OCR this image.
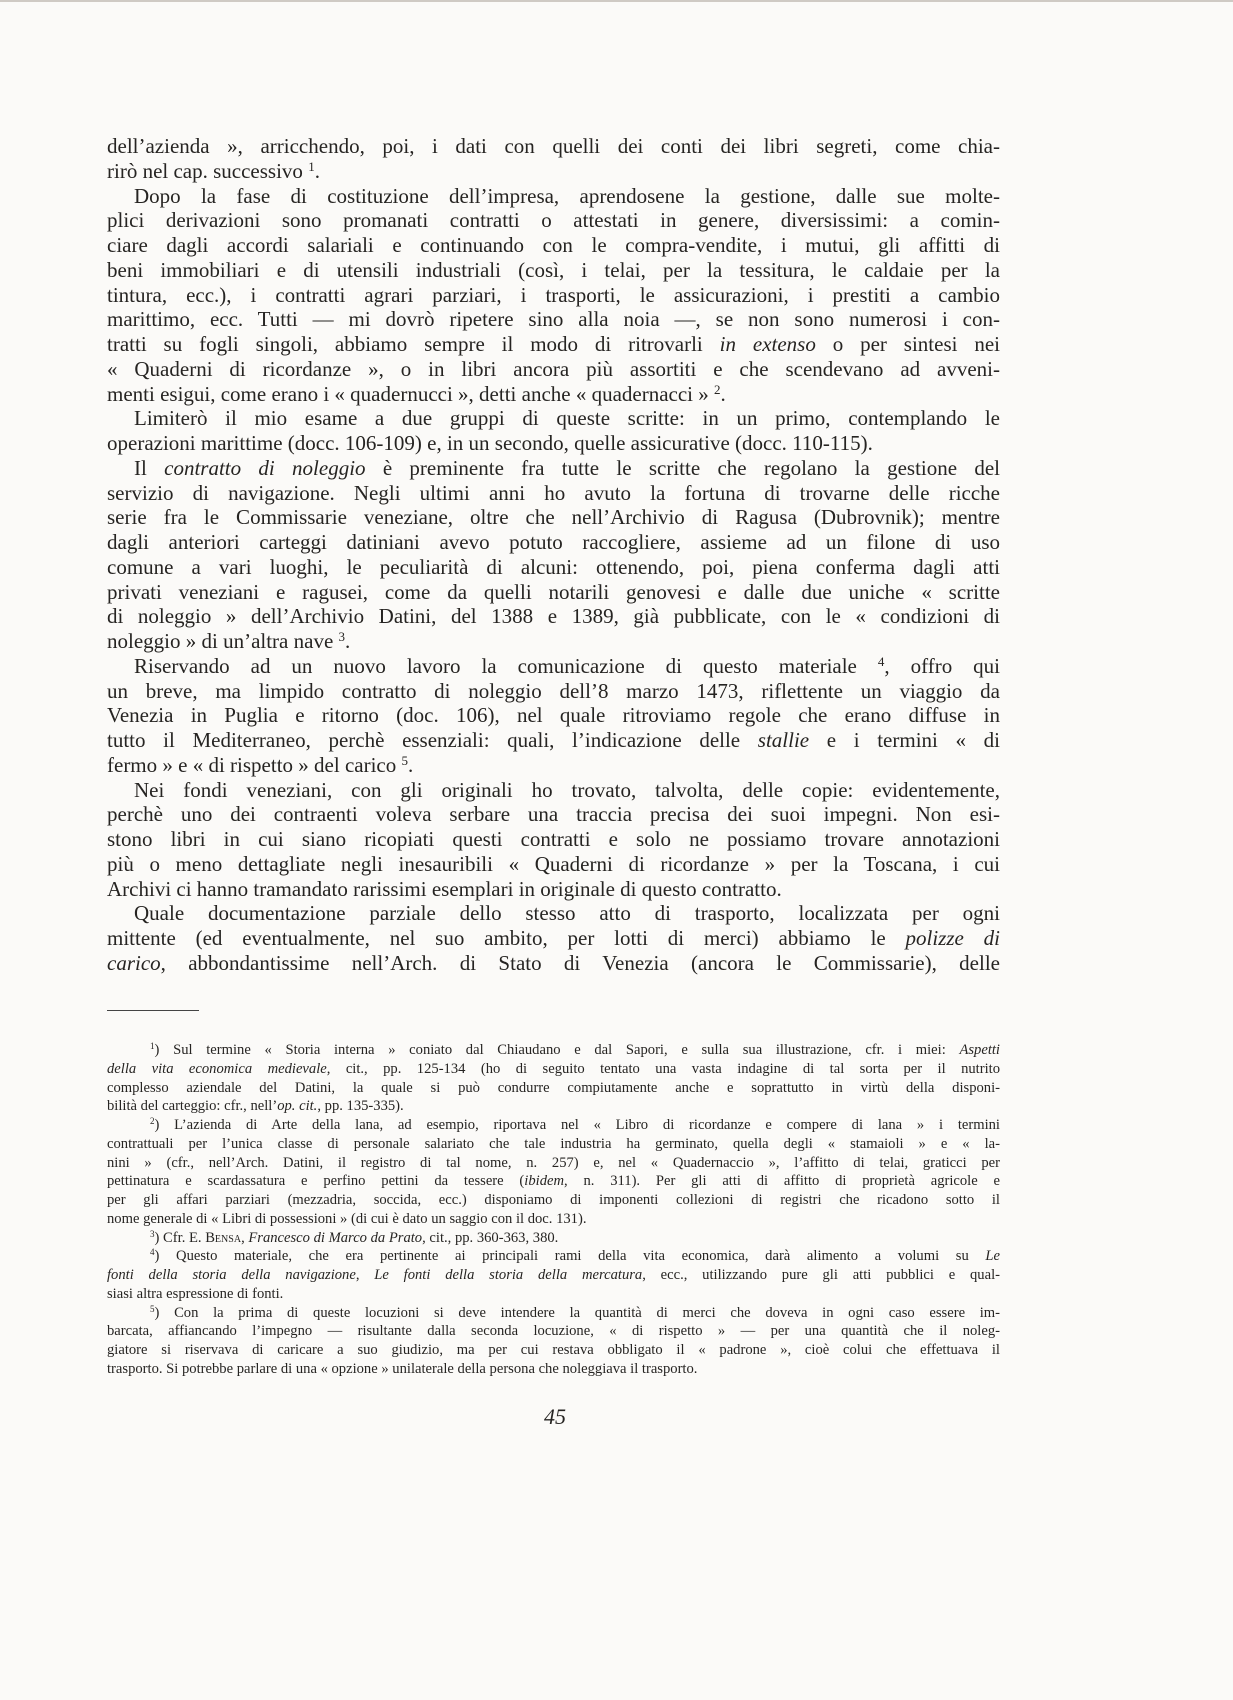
dell’azienda », arricchendo, poi, i dati con quelli dei conti dei libri segreti, come chia-
rirò nel cap. successivo $^1$.
Dopo la fase di costituzione dell’impresa, aprendosene la gestione, dalle sue molte-
plici derivazioni sono promanati contratti o attestati in genere, diversissimi: a comin-
ciare dagli accordi salariali e continuando con le compra-vendite, i mutui, gli affitti di
beni immobiliari e di utensili industriali (così, i telai, per la tessitura, le caldaie per la
tintura, ecc.), i contratti agrari parziari, i trasporti, le assicurazioni, i prestiti a cambio
marittimo, ecc. Tutti — mi dovrò ripetere sino alla noia —, se non sono numerosi i con-
tratti su fogli singoli, abbiamo sempre il modo di ritrovarli in extenso o per sintesi nei
« Quaderni di ricordanze », o in libri ancora più assortiti e che scendevano ad avveni-
menti esigui, come erano i « quadernucci », detti anche « quadernacci » $^2$.
Limiterò il mio esame a due gruppi di queste scritte: in un primo, contemplando le
operazioni marittime (docc. 106-109) e, in un secondo, quelle assicurative (docc. 110-115).
Il contratto di noleggio è preminente fra tutte le scritte che regolano la gestione del
servizio di navigazione. Negli ultimi anni ho avuto la fortuna di trovarne delle ricche
serie fra le Commissarie veneziane, oltre che nell’Archivio di Ragusa (Dubrovnik); mentre
dagli anteriori carteggi datiniani avevo potuto raccogliere, assieme ad un filone di uso
comune a vari luoghi, le peculiarità di alcuni: ottenendo, poi, piena conferma dagli atti
privati veneziani e ragusei, come da quelli notarili genovesi e dalle due uniche « scritte
di noleggio » dell’Archivio Datini, del 1388 e 1389, già pubblicate, con le « condizioni di
noleggio » di un’altra nave $^3$.
Riservando ad un nuovo lavoro la comunicazione di questo materiale $^4$, offro qui
un breve, ma limpido contratto di noleggio dell’8 marzo 1473, riflettente un viaggio da
Venezia in Puglia e ritorno (doc. 106), nel quale ritroviamo regole che erano diffuse in
tutto il Mediterraneo, perchè essenziali: quali, l’indicazione delle stallie e i termini « di
fermo » e « di rispetto » del carico $^5$.
Nei fondi veneziani, con gli originali ho trovato, talvolta, delle copie: evidentemente,
perchè uno dei contraenti voleva serbare una traccia precisa dei suoi impegni. Non esi-
stono libri in cui siano ricopiati questi contratti e solo ne possiamo trovare annotazioni
più o meno dettagliate negli inesauribili « Quaderni di ricordanze » per la Toscana, i cui
Archivi ci hanno tramandato rarissimi esemplari in originale di questo contratto.
Quale documentazione parziale dello stesso atto di trasporto, localizzata per ogni
mittente (ed eventualmente, nel suo ambito, per lotti di merci) abbiamo le polizze di
carico, abbondantissime nell’Arch. di Stato di Venezia (ancora le Commissarie), delle
$^1$) Sul termine « Storia interna » coniato dal Chiaudano e dal Sapori, e sulla sua illustrazione, cfr. i miei: Aspetti
della vita economica medievale, cit., pp. 125-134 (ho di seguito tentato una vasta indagine di tal sorta per il nutrito
complesso aziendale del Datini, la quale si può condurre compiutamente anche e soprattutto in virtù della disponi-
bilità del carteggio: cfr., nell’op. cit., pp. 135-335).
$^2$) L’azienda di Arte della lana, ad esempio, riportava nel « Libro di ricordanze e compere di lana » i termini
contrattuali per l’unica classe di personale salariato che tale industria ha germinato, quella degli « stamaioli » e « la-
nini » (cfr., nell’Arch. Datini, il registro di tal nome, n. 257) e, nel « Quadernaccio », l’affitto di telai, graticci per
pettinatura e scardassatura e perfino pettini da tessere (ibidem, n. 311). Per gli atti di affitto di proprietà agricole e
per gli affari parziari (mezzadria, soccida, ecc.) disponiamo di imponenti collezioni di registri che ricadono sotto il
nome generale di « Libri di possessioni » (di cui è dato un saggio con il doc. 131).
$^3$) Cfr. E. Bensa, Francesco di Marco da Prato, cit., pp. 360-363, 380.
$^4$) Questo materiale, che era pertinente ai principali rami della vita economica, darà alimento a volumi su Le
fonti della storia della navigazione, Le fonti della storia della mercatura, ecc., utilizzando pure gli atti pubblici e qual-
siasi altra espressione di fonti.
$^5$) Con la prima di queste locuzioni si deve intendere la quantità di merci che doveva in ogni caso essere im-
barcata, affiancando l’impegno — risultante dalla seconda locuzione, « di rispetto » — per una quantità che il noleg-
giatore si riservava di caricare a suo giudizio, ma per cui restava obbligato il « padrone », cioè colui che effettuava il
trasporto. Si potrebbe parlare di una « opzione » unilaterale della persona che noleggiava il trasporto.
45
